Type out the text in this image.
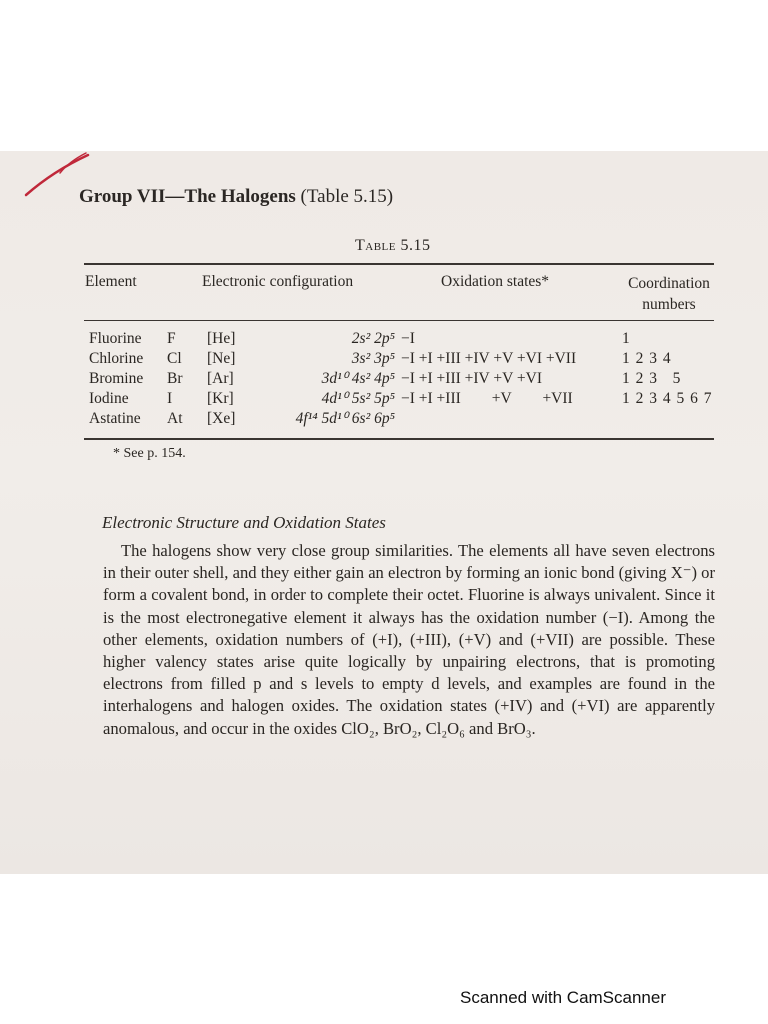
Group VII—The Halogens (Table 5.15)
Table 5.15
Element	Electronic configuration	Oxidation states*	Coordination numbers
Fluorine F	[He]	2s² 2p⁵ −I	1
Chlorine Cl	[Ne]	3s² 3p⁵ −I +I +III +IV +V +VI +VII	1 2 3 4
Bromine Br	[Ar]	3d¹⁰ 4s² 4p⁵ −I +I +III +IV +V +VI	1 2 3   5
Iodine I	[Kr]	4d¹⁰ 5s² 5p⁵ −I +I +III        +V        +VII	1 2 3 4 5 6 7
Astatine At	[Xe]	4f¹⁴ 5d¹⁰ 6s² 6p⁵
* See p. 154.
Electronic Structure and Oxidation States
The halogens show very close group similarities. The elements all have seven electrons in their outer shell, and they either gain an electron by forming an ionic bond (giving X⁻) or form a covalent bond, in order to complete their octet. Fluorine is always univalent. Since it is the most electronegative element it always has the oxidation number (−I). Among the other elements, oxidation numbers of (+I), (+III), (+V) and (+VII) are possible. These higher valency states arise quite logically by unpairing electrons, that is promoting electrons from filled p and s levels to empty d levels, and examples are found in the interhalogens and halogen oxides. The oxidation states (+IV) and (+VI) are apparently anomalous, and occur in the oxides ClO₂, BrO₂, Cl₂O₆ and BrO₃.
Scanned with CamScanner
